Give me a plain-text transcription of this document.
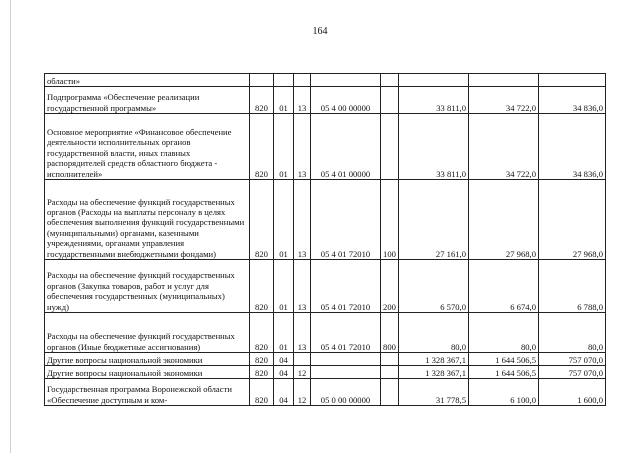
164
области»								
Подпрограмма «Обеспечение реализации государственной программы»	820	01	13	05 4 00 00000		33 811,0	34 722,0	34 836,0
Основное мероприятие «Финансовое обеспечение деятельности исполнительных органов государственной власти, иных главных распорядителей средств областного бюджета - исполнителей»	820	01	13	05 4 01 00000		33 811,0	34 722,0	34 836,0
Расходы на обеспечение функций государственных органов (Расходы на выплаты персоналу в целях обеспечения выполнения функций государственными (муниципальными) органами, казенными учреждениями, органами управления государственными внебюджетными фондами)	820	01	13	05 4 01 72010	100	27 161,0	27 968,0	27 968,0
Расходы на обеспечение функций государственных органов (Закупка товаров, работ и услуг для обеспечения государственных (муниципальных) нужд)	820	01	13	05 4 01 72010	200	6 570,0	6 674,0	6 788,0
Расходы на обеспечение функций государственных органов (Иные бюджетные ассигнования)	820	01	13	05 4 01 72010	800	80,0	80,0	80,0
Другие вопросы национальной экономики	820	04				1 328 367,1	1 644 506,5	757 070,0
Другие вопросы национальной экономики	820	04	12			1 328 367,1	1 644 506,5	757 070,0
Государственная программа Воронежской области «Обеспечение доступным и ком-	820	04	12	05 0 00 00000		31 778,5	6 100,0	1 600,0
